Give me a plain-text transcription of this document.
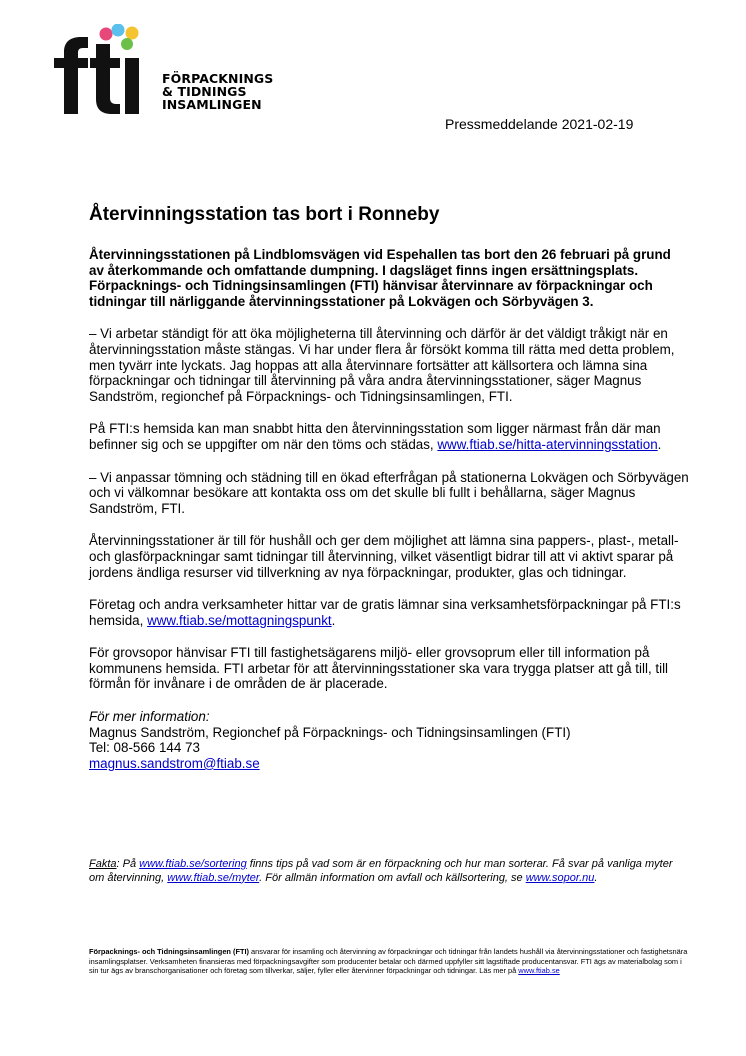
FÖRPACKNINGS
& TIDNINGS
INSAMLINGEN
Pressmeddelande 2021-02-19
Återvinningsstation tas bort i Ronneby

Återvinningsstationen på Lindblomsvägen vid Espehallen tas bort den 26 februari på grund av återkommande och omfattande dumpning. I dagsläget finns ingen ersättningsplats. Förpacknings- och Tidningsinsamlingen (FTI) hänvisar återvinnare av förpackningar och tidningar till närliggande återvinningsstationer på Lokvägen och Sörbyvägen 3.

– Vi arbetar ständigt för att öka möjligheterna till återvinning och därför är det väldigt tråkigt när en återvinningsstation måste stängas. Vi har under flera år försökt komma till rätta med detta problem, men tyvärr inte lyckats. Jag hoppas att alla återvinnare fortsätter att källsortera och lämna sina förpackningar och tidningar till återvinning på våra andra återvinningsstationer, säger Magnus Sandström, regionchef på Förpacknings- och Tidningsinsamlingen, FTI.

På FTI:s hemsida kan man snabbt hitta den återvinningsstation som ligger närmast från där man befinner sig och se uppgifter om när den töms och städas, www.ftiab.se/hitta-atervinningsstation.

– Vi anpassar tömning och städning till en ökad efterfrågan på stationerna Lokvägen och Sörbyvägen och vi välkomnar besökare att kontakta oss om det skulle bli fullt i behållarna, säger Magnus Sandström, FTI.

Återvinningsstationer är till för hushåll och ger dem möjlighet att lämna sina pappers-, plast-, metall- och glasförpackningar samt tidningar till återvinning, vilket väsentligt bidrar till att vi aktivt sparar på jordens ändliga resurser vid tillverkning av nya förpackningar, produkter, glas och tidningar.

Företag och andra verksamheter hittar var de gratis lämnar sina verksamhetsförpackningar på FTI:s hemsida, www.ftiab.se/mottagningspunkt.

För grovsopor hänvisar FTI till fastighetsägarens miljö- eller grovsoprum eller till information på kommunens hemsida. FTI arbetar för att återvinningsstationer ska vara trygga platser att gå till, till förmån för invånare i de områden de är placerade.

För mer information:
Magnus Sandström, Regionchef på Förpacknings- och Tidningsinsamlingen (FTI)
Tel: 08-566 144 73
magnus.sandstrom@ftiab.se
Fakta: På www.ftiab.se/sortering finns tips på vad som är en förpackning och hur man sorterar. Få svar på vanliga myter om återvinning, www.ftiab.se/myter. För allmän information om avfall och källsortering, se www.sopor.nu.
Förpacknings- och Tidningsinsamlingen (FTI) ansvarar för insamling och återvinning av förpackningar och tidningar från landets hushåll via återvinningsstationer och fastighetsnära insamlingsplatser. Verksamheten finansieras med förpackningsavgifter som producenter betalar och därmed uppfyller sitt lagstiftade producentansvar. FTI ägs av materialbolag som i sin tur ägs av branschorganisationer och företag som tillverkar, säljer, fyller eller återvinner förpackningar och tidningar. Läs mer på www.ftiab.se
